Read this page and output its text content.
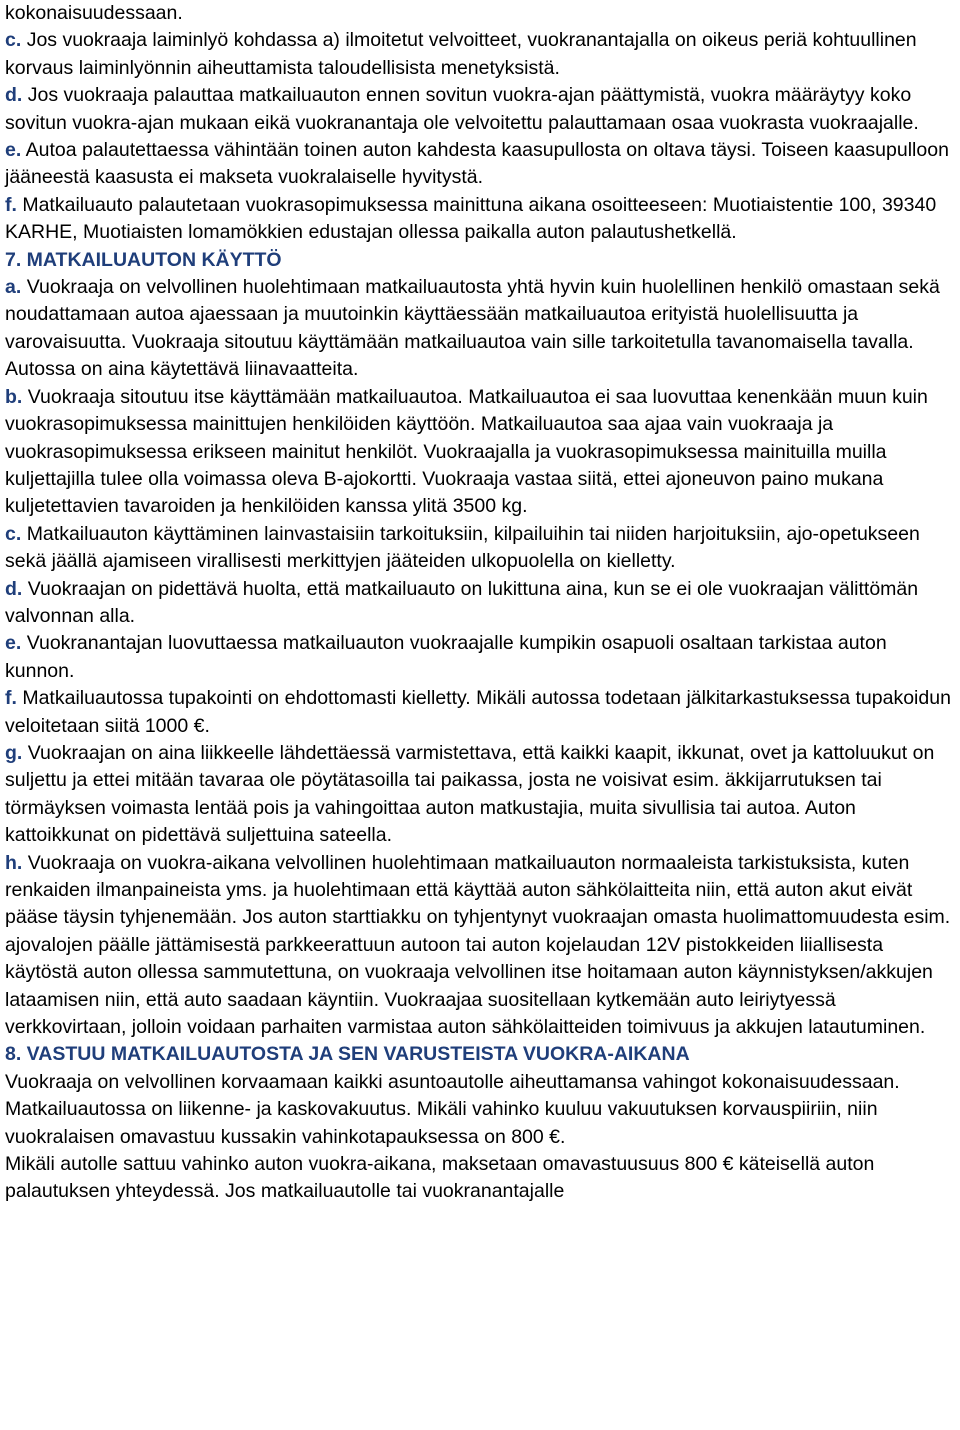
kokonaisuudessaan.

c. Jos vuokraaja laiminlyö kohdassa a) ilmoitetut velvoitteet, vuokranantajalla on oikeus periä kohtuullinen korvaus laiminlyönnin aiheuttamista taloudellisista menetyksistä.

d. Jos vuokraaja palauttaa matkailuauton ennen sovitun vuokra-ajan päättymistä, vuokra määräytyy koko sovitun vuokra-ajan mukaan eikä vuokranantaja ole velvoitettu palauttamaan osaa vuokrasta vuokraajalle.

e. Autoa palautettaessa vähintään toinen auton kahdesta kaasupullosta on oltava täysi. Toiseen kaasupulloon jääneestä kaasusta ei makseta vuokralaiselle hyvitystä.

f. Matkailuauto palautetaan vuokrasopimuksessa mainittuna aikana osoitteeseen: Muotiaistentie 100, 39340 KARHE, Muotiaisten lomamökkien edustajan ollessa paikalla auton palautushetkellä.

7. MATKAILUAUTON KÄYTTÖ

a. Vuokraaja on velvollinen huolehtimaan matkailuautosta yhtä hyvin kuin huolellinen henkilö omastaan sekä noudattamaan autoa ajaessaan ja muutoinkin käyttäessään matkailuautoa erityistä huolellisuutta ja varovaisuutta. Vuokraaja sitoutuu käyttämään matkailuautoa vain sille tarkoitetulla tavanomaisella tavalla. Autossa on aina käytettävä liinavaatteita.

b. Vuokraaja sitoutuu itse käyttämään matkailuautoa. Matkailuautoa ei saa luovuttaa kenenkään muun kuin vuokrasopimuksessa mainittujen henkilöiden käyttöön. Matkailuautoa saa ajaa vain vuokraaja ja vuokrasopimuksessa erikseen mainitut henkilöt. Vuokraajalla ja vuokrasopimuksessa mainituilla muilla kuljettajilla tulee olla voimassa oleva B-ajokortti. Vuokraaja vastaa siitä, ettei ajoneuvon paino mukana kuljetettavien tavaroiden ja henkilöiden kanssa ylitä 3500 kg.

c. Matkailuauton käyttäminen lainvastaisiin tarkoituksiin, kilpailuihin tai niiden harjoituksiin, ajo-opetukseen sekä jäällä ajamiseen virallisesti merkittyjen jääteiden ulkopuolella on kielletty.

d. Vuokraajan on pidettävä huolta, että matkailuauto on lukittuna aina, kun se ei ole vuokraajan välittömän valvonnan alla.

e. Vuokranantajan luovuttaessa matkailuauton vuokraajalle kumpikin osapuoli osaltaan tarkistaa auton kunnon.

f. Matkailuautossa tupakointi on ehdottomasti kielletty. Mikäli autossa todetaan jälkitarkastuksessa tupakoidun veloitetaan siitä 1000 €.

g. Vuokraajan on aina liikkeelle lähdettäessä varmistettava, että kaikki kaapit, ikkunat, ovet ja kattoluukut on suljettu ja ettei mitään tavaraa ole pöytätasoilla tai paikassa, josta ne voisivat esim. äkkijarrutuksen tai törmäyksen voimasta lentää pois ja vahingoittaa auton matkustajia, muita sivullisia tai autoa. Auton kattoikkunat on pidettävä suljettuina sateella.

h. Vuokraaja on vuokra-aikana velvollinen huolehtimaan matkailuauton normaaleista tarkistuksista, kuten renkaiden ilmanpaineista yms. ja huolehtimaan että käyttää auton sähkölaitteita niin, että auton akut eivät pääse täysin tyhjenemään. Jos auton starttiakku on tyhjentynyt vuokraajan omasta huolimattomuudesta esim. ajovalojen päälle jättämisestä parkkeerattuun autoon tai auton kojelaudan 12V pistokkeiden liiallisesta käytöstä auton ollessa sammutettuna, on vuokraaja velvollinen itse hoitamaan auton käynnistyksen/akkujen lataamisen niin, että auto saadaan käyntiin. Vuokraajaa suositellaan kytkemään auto leiriytyessä verkkovirtaan, jolloin voidaan parhaiten varmistaa auton sähkölaitteiden toimivuus ja akkujen latautuminen.

8. VASTUU MATKAILUAUTOSTA JA SEN VARUSTEISTA VUOKRA-AIKANA

Vuokraaja on velvollinen korvaamaan kaikki asuntoautolle aiheuttamansa vahingot kokonaisuudessaan.

Matkailuautossa on liikenne- ja kaskovakuutus. Mikäli vahinko kuuluu vakuutuksen korvauspiiriin, niin vuokralaisen omavastuu kussakin vahinkotapauksessa on 800 €.

Mikäli autolle sattuu vahinko auton vuokra-aikana, maksetaan omavastuusuus 800 € käteisellä auton palautuksen yhteydessä. Jos matkailuautolle tai vuokranantajalle
